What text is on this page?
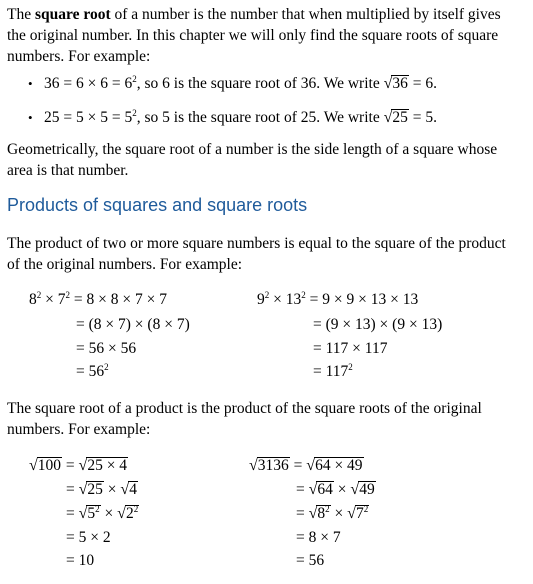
The square root of a number is the number that when multiplied by itself gives the original number. In this chapter we will only find the square roots of square numbers. For example:

• $36 = 6 \times 6 = 6^2$, so 6 is the square root of 36. We write √36 = 6.
• $25 = 5 \times 5 = 5^2$, so 5 is the square root of 25. We write √25 = 5.

Geometrically, the square root of a number is the side length of a square whose area is that number.

Products of squares and square roots

The product of two or more square numbers is equal to the square of the product of the original numbers. For example:

$8^2 \times 7^2 = 8 \times 8 \times 7 \times 7$
= (8 × 7) × (8 × 7)
= 56 × 56
= $56^2$
$9^2 \times 13^2 = 9 \times 9 \times 13 \times 13$
= (9 × 13) × (9 × 13)
= 117 × 117
= $117^2$

The square root of a product is the product of the square roots of the original numbers. For example:

√100 = √25 × 4
= √25 × √4
= $√5^2 \times √2^2$
= 5 × 2
= 10
√3136 = √64 × 49
= √64 × √49
= $√8^2 \times √7^2$
= 8 × 7
= 56
